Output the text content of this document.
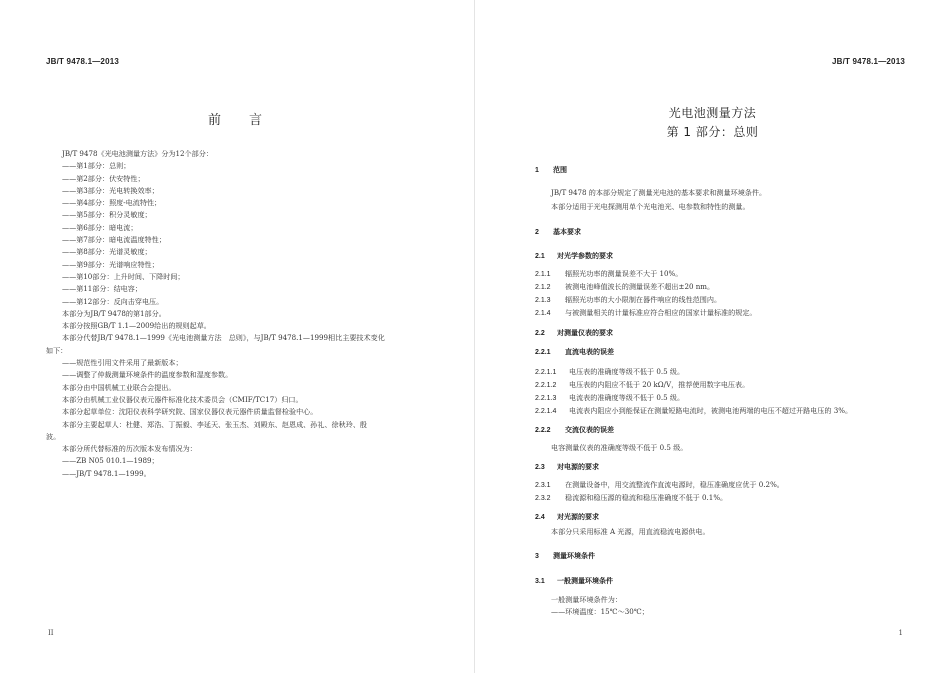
JB/T 9478.1—2013
前 言

JB/T 9478《光电池测量方法》分为12个部分：

——第1部分：总则；

——第2部分：伏安特性；

——第3部分：光电转换效率；

——第4部分：照度-电流特性；

——第5部分：积分灵敏度；

——第6部分：暗电流；

——第7部分：暗电流温度特性；

——第8部分：光谱灵敏度；

——第9部分：光谱响应特性；

——第10部分：上升时间、下降时间；

——第11部分：结电容；

——第12部分：反向击穿电压。

本部分为JB/T 9478的第1部分。

本部分按照GB/T 1.1—2009给出的规则起草。

本部分代替JB/T 9478.1—1999《光电池测量方法　总则》，与JB/T 9478.1—1999相比主要技术变化

如下：

——规范性引用文件采用了最新版本；

——调整了仲裁测量环境条件的温度参数和湿度参数。

本部分由中国机械工业联合会提出。

本部分由机械工业仪器仪表元器件标准化技术委员会（CMIF/TC17）归口。

本部分起草单位：沈阳仪表科学研究院、国家仪器仪表元器件质量监督检验中心。

本部分主要起草人：杜健、郑浩、丁振毅、李延天、张玉杰、刘殿东、赵恩成、孙礼、徐秋玲、殷

波。

本部分所代替标准的历次版本发布情况为：

——ZB N05 010.1—1989；

——JB/T 9478.1—1999。

II
JB/T 9478.1—2013
光电池测量方法
第 1 部分：总则
1 范围
JB/T 9478 的本部分规定了测量光电池的基本要求和测量环境条件。
本部分适用于光电探测用单个光电池光、电参数和特性的测量。
2 基本要求
2.1 对光学参数的要求
2.1.1 辐照光功率的测量误差不大于 10%。
2.1.2 被测电池峰值波长的测量误差不超出±20 nm。
2.1.3 辐照光功率的大小限制在器件响应的线性范围内。
2.1.4 与被测量相关的计量标准应符合相应的国家计量标准的规定。
2.2 对测量仪表的要求
2.2.1 直流电表的误差
2.2.1.1 电压表的准确度等级不低于 0.5 级。
2.2.1.2 电压表的内阻应不低于 20 kΩ/V，推荐使用数字电压表。
2.2.1.3 电流表的准确度等级不低于 0.5 级。
2.2.1.4 电流表内阻应小到能保证在测量短路电流时，被测电池两端的电压不超过开路电压的 3%。
2.2.2 交流仪表的误差
电容测量仪表的准确度等级不低于 0.5 级。
2.3 对电源的要求
2.3.1 在测量设备中，用交流整流作直流电源时，稳压准确度应优于 0.2%。
2.3.2 稳流源和稳压源的稳流和稳压准确度不低于 0.1%。
2.4 对光源的要求
本部分只采用标准 A 光源，用直流稳流电源供电。
3 测量环境条件
3.1 一般测量环境条件
一般测量环境条件为：
——环境温度：15℃～30℃；
1
